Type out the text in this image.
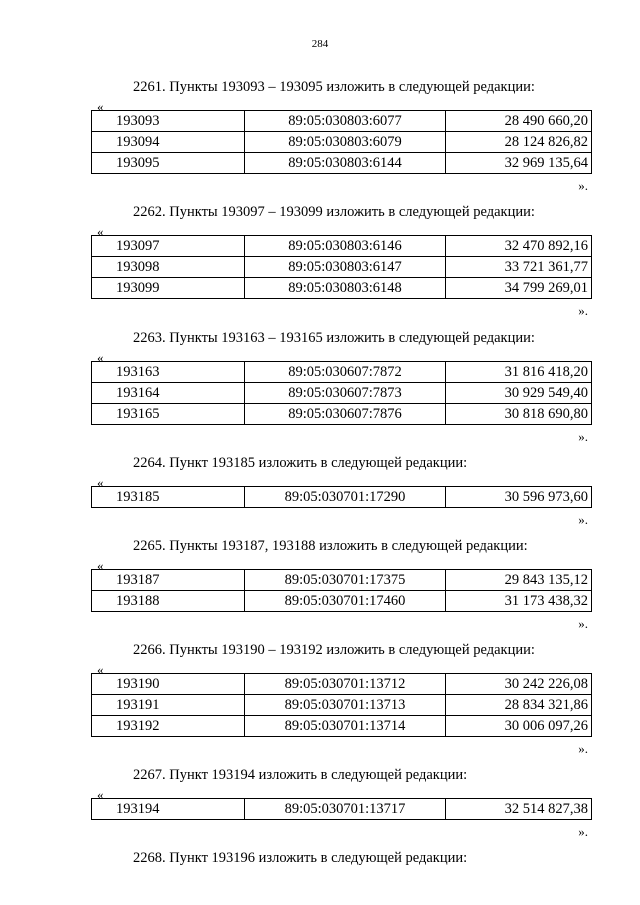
284
2261. Пункты 193093 – 193095 изложить в следующей редакции:
«
193093	89:05:030803:6077	28 490 660,20
193094	89:05:030803:6079	28 124 826,82
193095	89:05:030803:6144	32 969 135,64
».
2262. Пункты 193097 – 193099 изложить в следующей редакции:
«
193097	89:05:030803:6146	32 470 892,16
193098	89:05:030803:6147	33 721 361,77
193099	89:05:030803:6148	34 799 269,01
».
2263. Пункты 193163 – 193165 изложить в следующей редакции:
«
193163	89:05:030607:7872	31 816 418,20
193164	89:05:030607:7873	30 929 549,40
193165	89:05:030607:7876	30 818 690,80
».
2264. Пункт 193185 изложить в следующей редакции:
«
193185	89:05:030701:17290	30 596 973,60
».
2265. Пункты 193187, 193188 изложить в следующей редакции:
«
193187	89:05:030701:17375	29 843 135,12
193188	89:05:030701:17460	31 173 438,32
».
2266. Пункты 193190 – 193192 изложить в следующей редакции:
«
193190	89:05:030701:13712	30 242 226,08
193191	89:05:030701:13713	28 834 321,86
193192	89:05:030701:13714	30 006 097,26
».
2267. Пункт 193194 изложить в следующей редакции:
«
193194	89:05:030701:13717	32 514 827,38
».
2268. Пункт 193196 изложить в следующей редакции:
